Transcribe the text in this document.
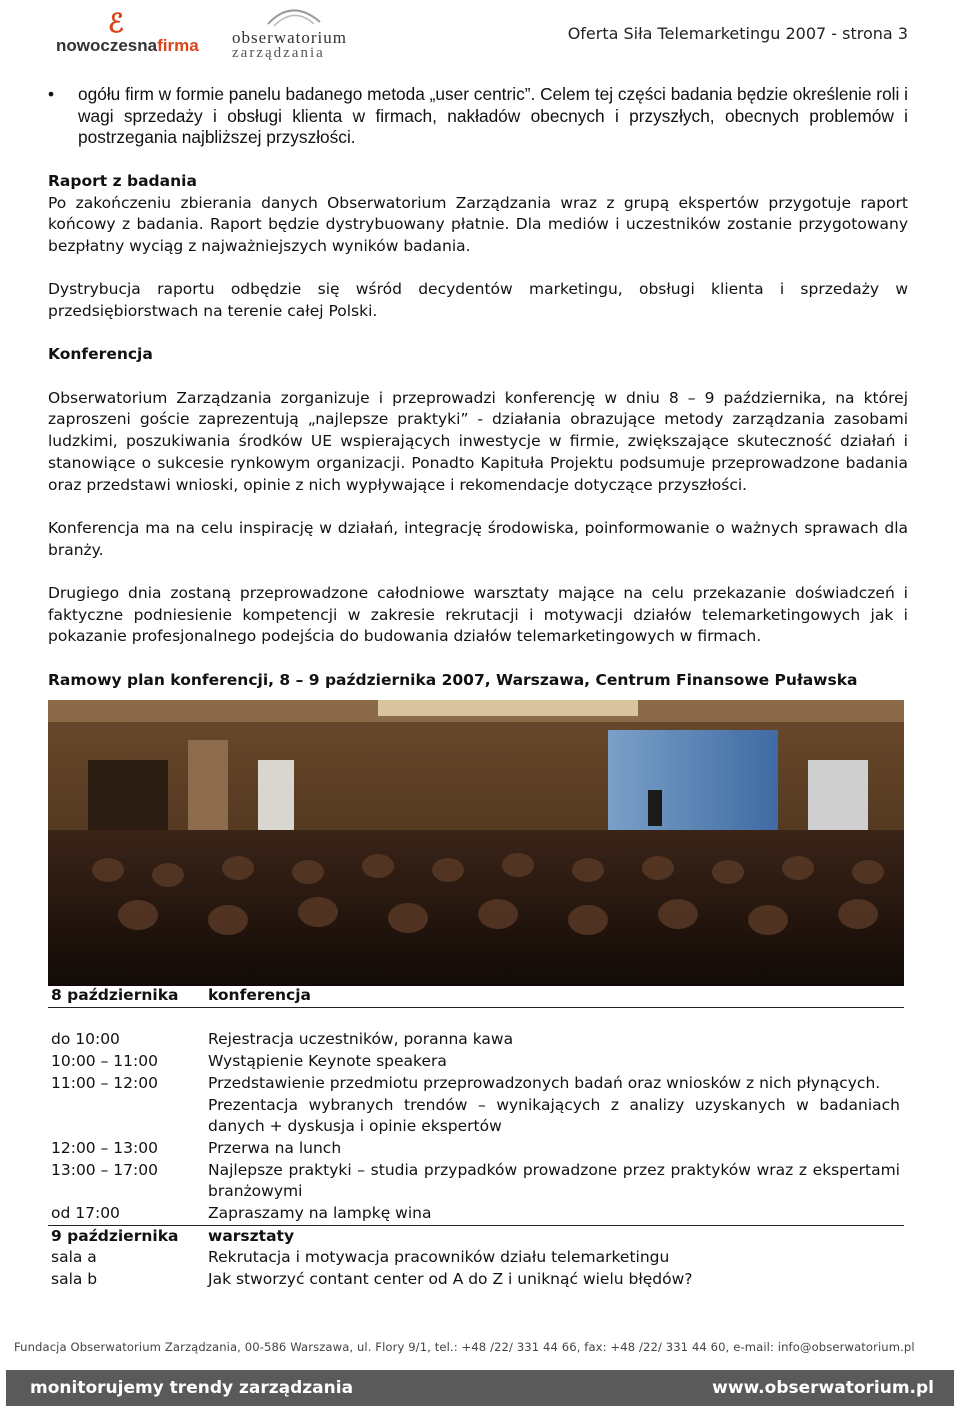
ℰ
nowoczesnafirma obserwatorium
zarządzania
Oferta Siła Telemarketingu 2007 - strona 3

• ogółu firm w formie panelu badanego metoda „user centric”. Celem tej części badania będzie określenie roli i wagi sprzedaży i obsługi klienta w firmach, nakładów obecnych i przyszłych, obecnych problemów i postrzegania najbliższej przyszłości.

Raport z badania

Po zakończeniu zbierania danych Obserwatorium Zarządzania wraz z grupą ekspertów przygotuje raport końcowy z badania. Raport będzie dystrybuowany płatnie. Dla mediów i uczestników zostanie przygotowany bezpłatny wyciąg z najważniejszych wyników badania.

Dystrybucja raportu odbędzie się wśród decydentów marketingu, obsługi klienta i sprzedaży w przedsiębiorstwach na terenie całej Polski.

Konferencja

Obserwatorium Zarządzania zorganizuje i przeprowadzi konferencję w dniu 8 – 9 października, na której zaproszeni goście zaprezentują „najlepsze praktyki” - działania obrazujące metody zarządzania zasobami ludzkimi, poszukiwania środków UE wspierających inwestycje w firmie, zwiększające skuteczność działań i stanowiące o sukcesie rynkowym organizacji. Ponadto Kapituła Projektu podsumuje przeprowadzone badania oraz przedstawi wnioski, opinie z nich wypływające i rekomendacje dotyczące przyszłości.

Konferencja ma na celu inspirację w działań, integrację środowiska, poinformowanie o ważnych sprawach dla branży.

Drugiego dnia zostaną przeprowadzone całodniowe warsztaty mające na celu przekazanie doświadczeń i faktyczne podniesienie kompetencji w zakresie rekrutacji i motywacji działów telemarketingowych jak i pokazanie profesjonalnego podejścia do budowania działów telemarketingowych w firmach.

Ramowy plan konferencji, 8 – 9 października 2007, Warszawa, Centrum Finansowe Puławska

8 października	konferencja
do 10:00	Rejestracja uczestników, poranna kawa
10:00 – 11:00	Wystąpienie Keynote speakera
11:00 – 12:00	Przedstawienie przedmiotu przeprowadzonych badań oraz wniosków z nich płynących.
Prezentacja wybranych trendów – wynikających z analizy uzyskanych w badaniach danych + dyskusja i opinie ekspertów
12:00 – 13:00	Przerwa na lunch
13:00 – 17:00	Najlepsze praktyki – studia przypadków prowadzone przez praktyków wraz z ekspertami branżowymi
od 17:00	Zapraszamy na lampkę wina
9 października	warsztaty
sala a	Rekrutacja i motywacja pracowników działu telemarketingu
sala b	Jak stworzyć contant center od A do Z i uniknąć wielu błędów?
Fundacja Obserwatorium Zarządzania, 00-586 Warszawa, ul. Flory 9/1, tel.: +48 /22/ 331 44 66, fax: +48 /22/ 331 44 60, e-mail: info@obserwatorium.pl
monitorujemy trendy zarządzania	www.obserwatorium.pl
